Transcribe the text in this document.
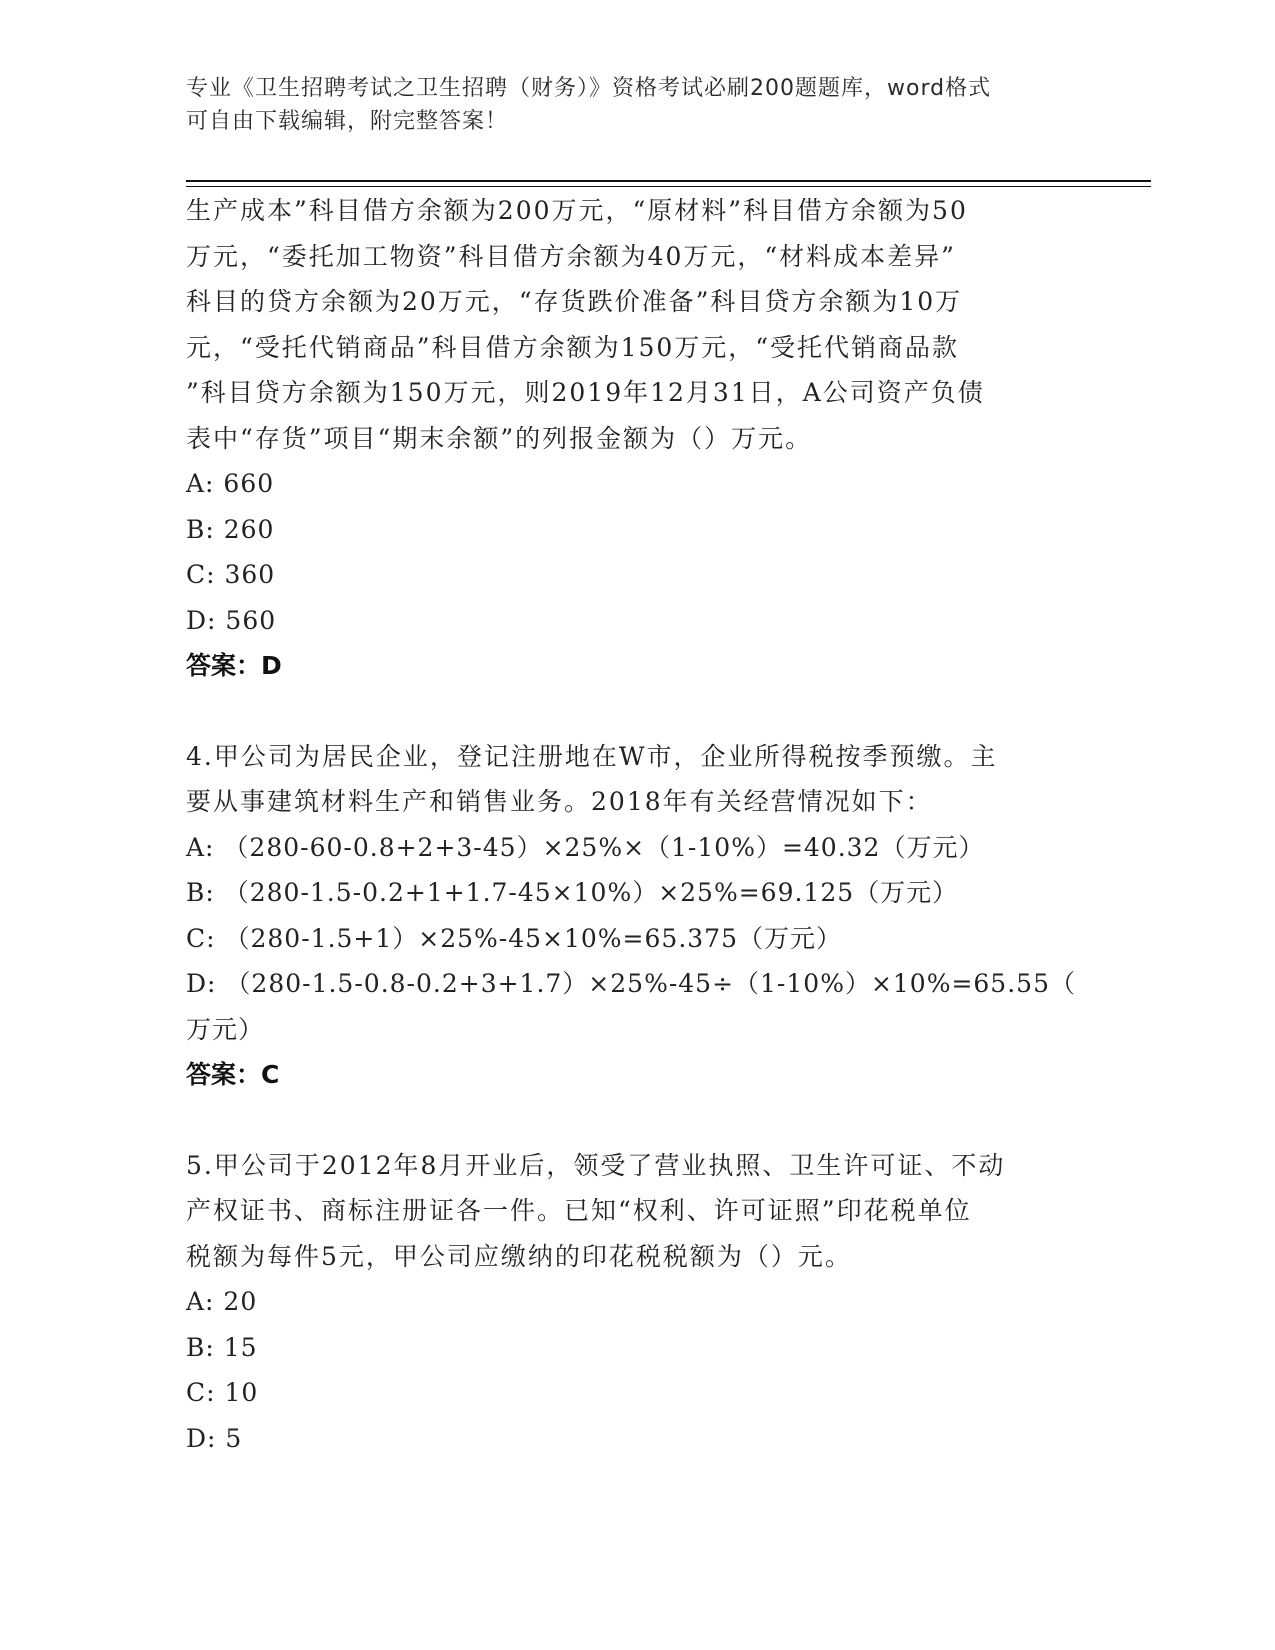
专业《卫生招聘考试之卫生招聘（财务）》资格考试必刷200题题库，word格式
可自由下载编辑，附完整答案！

生产成本”科目借方余额为200万元，“原材料”科目借方余额为50

万元，“委托加工物资”科目借方余额为40万元，“材料成本差异”

科目的贷方余额为20万元，“存货跌价准备”科目贷方余额为10万

元，“受托代销商品”科目借方余额为150万元，“受托代销商品款

”科目贷方余额为150万元，则2019年12月31日，A公司资产负债

表中“存货”项目“期末余额”的列报金额为（）万元。

A: 660

B: 260

C: 360

D: 560

答案：D

4.甲公司为居民企业，登记注册地在W市，企业所得税按季预缴。主

要从事建筑材料生产和销售业务。2018年有关经营情况如下：

A: （280-60-0.8+2+3-45）×25%×（1-10%）=40.32（万元）

B: （280-1.5-0.2+1+1.7-45×10%）×25%=69.125（万元）

C: （280-1.5+1）×25%-45×10%=65.375（万元）

D: （280-1.5-0.8-0.2+3+1.7）×25%-45÷（1-10%）×10%=65.55（

万元）

答案：C

5.甲公司于2012年8月开业后，领受了营业执照、卫生许可证、不动

产权证书、商标注册证各一件。已知“权利、许可证照”印花税单位

税额为每件5元，甲公司应缴纳的印花税税额为（）元。

A: 20

B: 15

C: 10

D: 5
